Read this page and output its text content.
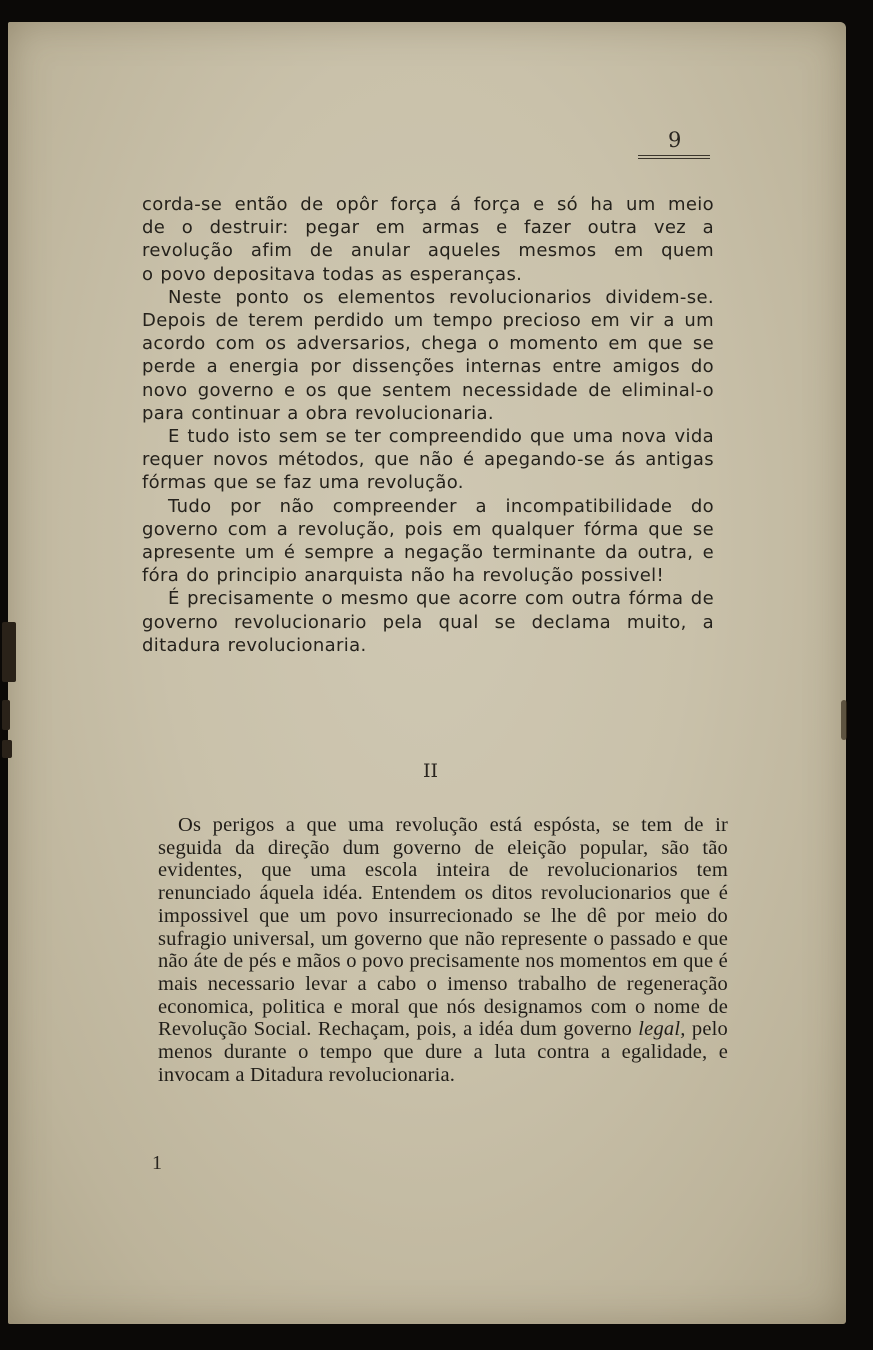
9

corda-se então de opôr força á força e só ha um meio

de o destruir: pegar em armas e fazer outra vez a

revolução afim de anular aqueles mesmos em quem

o povo depositava todas as esperanças.

Neste ponto os elementos revolucionarios dividem-se. Depois de terem perdido um tempo precioso em vir a um acordo com os adversarios, chega o momento em que se perde a energia por dissenções internas entre amigos do novo governo e os que sentem necessidade de eliminal-o para continuar a obra revolucionaria.

E tudo isto sem se ter compreendido que uma nova vida requer novos métodos, que não é apegando-se ás antigas fórmas que se faz uma revolução.

Tudo por não compreender a incompatibilidade do governo com a revolução, pois em qualquer fórma que se apresente um é sempre a negação terminante da outra, e fóra do principio anarquista não ha revolução possivel!

É precisamente o mesmo que acorre com outra fórma de governo revolucionario pela qual se declama muito, a ditadura revolucionaria.

II

Os perigos a que uma revolução está espósta, se tem de ir seguida da direção dum governo de eleição popular, são tão evidentes, que uma escola inteira de revolucionarios tem renunciado áquela idéa. Entendem os ditos revolucionarios que é impossivel que um povo insurrecionado se lhe dê por meio do sufragio universal, um governo que não represente o passado e que não áte de pés e mãos o povo precisamente nos momentos em que é mais necessario levar a cabo o imenso trabalho de regeneração economica, politica e moral que nós designamos com o nome de Revolução Social. Rechaçam, pois, a idéa dum governo legal, pelo menos durante o tempo que dure a luta contra a egalidade, e invocam a Ditadura revolucionaria.

1
